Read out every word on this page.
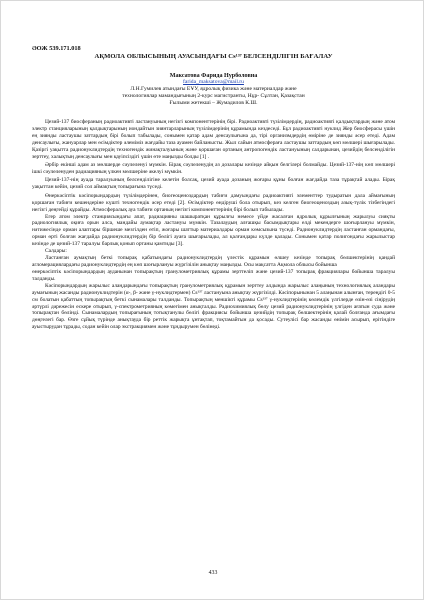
ӘОЖ 539.171.018
АҚМОЛА ОБЛЫСЫНЫҢ АУАСЫНДАҒЫ Cs¹³⁷ БЕЛСЕНДІЛІГІН БАҒАЛАУ
Максатова Фарида Нурболовна
farida_maksatova@mail.ru
Л.Н.Гумилев атындағы ЕҰУ, ядролық физика және материалдар және
технологиялар мамандығының 2-курс магистранты, Нұр- Сұлтан, Қазақстан
Ғылыми жетекші – Жумадилов К.Ш.

Цезий-137 биосфераның радиоактивті ластануының негізгі компоненттерінің бірі. Радиоактивті түзілімдердің, радиоактивті қалдықтардың және атом электр станцияларының қалдықтарының иондайтын зиянтарларының түзілімдерінің құрамында кездеседі. Бұл радиоактивті нуклид Жер биосферасы үшін ең зиянды ластаушы заттардың бірі болып табылады, сонымен қатар адам денсаулығына да, тірі организмдердің өміріне де зиянды әсер етеді. Адам денсаулығы, жануарлар мен өсімдіктер әлеміміз жағдайы таза ауамен байланысты. Жыл сайын атмосфераға ластаушы заттардың көп мөлшері шығарылады. Қазіргі уақытта радионуклидтердің техногендік жинақталуының және қоршаған ортаның антропогендік ластануының салдарынан, цезийдің белсенділігін зерттеу, халықтың денсаулығы мен қауіпсіздігі үшін өте маңызды болды [1] .

Әрбір екінші адам аз мөлшерде сәулеленуі мүмкін. Бірақ сәулеленудің аз дозалары кезінде айқын белгілері болмайды. Цезий-137-нің көп мөлшері ішкі сәулеленуден радиацияның үлкен мөлшеріне әкелуі мүмкін.

Цезий-137-нің ауада таралуының белсенділігіне келетін болсақ, цезий ауада дозаның жоғары құны болған жағдайда таза тұрақтай алады. Бірақ уақыттан кейін, цезий сол аймақтың топырағына түседі.

Өнеркәсіптік кәсіпорындардың түзілімдерінен, биогеоценоздардың табиғи дамуындағы радиоактивті элементтер тудыратын дала аймағының қоршаған табиғи кешендеріне күшті техногендік әсер етеді [2]. Өсімдіктер өндіруші бола отырып, кез келген биогеоценоздың азық-түлік тізбегіндегі негізгі деңгейді құрайды. Атмосфералық ауа табиғи ортаның негізгі компоненттерінің бірі болып табылады.

Егер атом электр станциясындағы апат, радиацияны шашыратқан құрылғы немесе үйде жасалған ядролық құрылғының жарылуы сияқты радиологиялық оқиға орын алса, мандайы аумақтар ластануы мүмкін. Тазалаудың алғашқы басымдықтары елді мекендерге шоғырлануы мүмкін, нәтижесінде орман алаптары біршеше мезгілден өтіп, жоғары шаттыр материалдары орман көмсызына түседі. Радионуклидтердің ластанған ормандағы, орман өрті болған жағдайда радионуклидтердің бір бөлігі ауаға шығарылады, ал қалғандары күлде қалады. Сонымен қатар полигондағы жарылыстар кезінде де цезий-137 таралуы барлық қонып ортаны қамтиды [3].

Салдары:

Ластанған аумақтың беткі топырақ қабатындағы радионуклидтердің үлестік құрамын өлшеу кезінде топырақ бөлшектерінің қандай агломерациялардағы радионуклидтердің ең көп шоғырлануы жүргізілін анықтау маңызды. Осы мақсатта Ақмола облысы бойынша

өнеркәсіптік кәсіпорындардың ауданынан топырақтың гранулометриялық құрамы зерттеліп және цезий-137 топырақ фракциялары бойынша таралуы талданды.

Кәсіпорындардың жарылыс алаңдарындағы топырақтың гранулометриялық құрамын зерттеу алдында жарылыс алаңының технологиялық аландары аумағының жасанды радионуклидтерін (α-, β- және γ-нуклидтермен) Cs¹³⁷ ластануына анықтау жүргізілді. Кәсіпорынынан 5 алаңынан алынған, тереңдігі 0-5 см болатын қабаттың топырақтың беткі сынамалары талданды. Топырақтың меншікті құрамы Cs¹³⁷ γ-нуклидтерінің көлемдік үлгілерде өзін-өзі сіңірудің әртүрлі дәрежесін ескере отырып, γ-спектрометрияның көмегімен анықталды. Радиохимиялық бөлу цезий радионуклидтерінің үлгіден ағатын суда және топырақтан бөлінді. Сынамалардың топырағының тотықтанулы бөлігі фракциясы бойынша цезийдің топырақ бөлшектерінің қалай болғанда ағымдағы дөңгелегі бар. Өзге сұйық түрінде анықтауда бір реттік жарықта ұнтақтап, тоқтамайтын да қосады. Сутеулісі бар жасанды өнімін асырып, ерітіндіге ауыстырудан тұрады, содан кейін олар экстракциямен және тұндырумен бөлінеді.

433
